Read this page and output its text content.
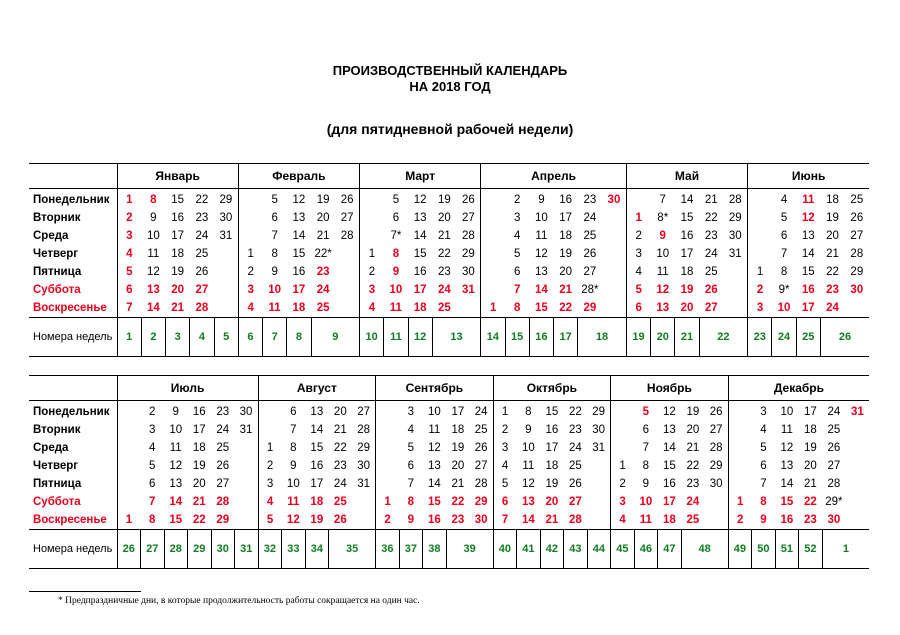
ПРОИЗВОДСТВЕННЫЙ КАЛЕНДАРЬ
НА 2018 ГОД
(для пятидневной рабочей недели)
	Январь					Февраль					Март					Апрель						Май					Июнь				
Понедельник	1	8	15	22	29		5	12	19	26		5	12	19	26		2	9	16	23	30		7	14	21	28		4	11	18	25
Вторник	2	9	16	23	30		6	13	20	27		6	13	20	27		3	10	17	24		1	8*	15	22	29		5	12	19	26
Среда	3	10	17	24	31		7	14	21	28		7*	14	21	28		4	11	18	25		2	9	16	23	30		6	13	20	27
Четверг	4	11	18	25		1	8	15	22*		1	8	15	22	29		5	12	19	26		3	10	17	24	31		7	14	21	28
Пятница	5	12	19	26		2	9	16	23		2	9	16	23	30		6	13	20	27		4	11	18	25		1	8	15	22	29
Суббота	6	13	20	27		3	10	17	24		3	10	17	24	31		7	14	21	28*		5	12	19	26		2	9*	16	23	30
Воскресенье	7	14	21	28		4	11	18	25		4	11	18	25		1	8	15	22	29		6	13	20	27		3	10	17	24	
Номера недель	1	2	3	4	5	6	7	8	9		10	11	12	13		14	15	16	17	18		19	20	21	22		23	24	25	26	
	Июль						Август					Сентябрь					Октябрь					Ноябрь					Декабрь					
Понедельник		2	9	16	23	30		6	13	20	27		3	10	17	24	1	8	15	22	29		5	12	19	26		3	10	17	24	31
Вторник		3	10	17	24	31		7	14	21	28		4	11	18	25	2	9	16	23	30		6	13	20	27		4	11	18	25	
Среда		4	11	18	25		1	8	15	22	29		5	12	19	26	3	10	17	24	31		7	14	21	28		5	12	19	26	
Четверг		5	12	19	26		2	9	16	23	30		6	13	20	27	4	11	18	25		1	8	15	22	29		6	13	20	27	
Пятница		6	13	20	27		3	10	17	24	31		7	14	21	28	5	12	19	26		2	9	16	23	30		7	14	21	28	
Суббота		7	14	21	28		4	11	18	25		1	8	15	22	29	6	13	20	27		3	10	17	24		1	8	15	22	29*	
Воскресенье	1	8	15	22	29		5	12	19	26		2	9	16	23	30	7	14	21	28		4	11	18	25		2	9	16	23	30	
Номера недель	26	27	28	29	30	31	32	33	34	35		36	37	38	39		40	41	42	43	44	45	46	47	48		49	50	51	52	1	
* Предпраздничные дни, в которые продолжительность работы сокращается на один час.
